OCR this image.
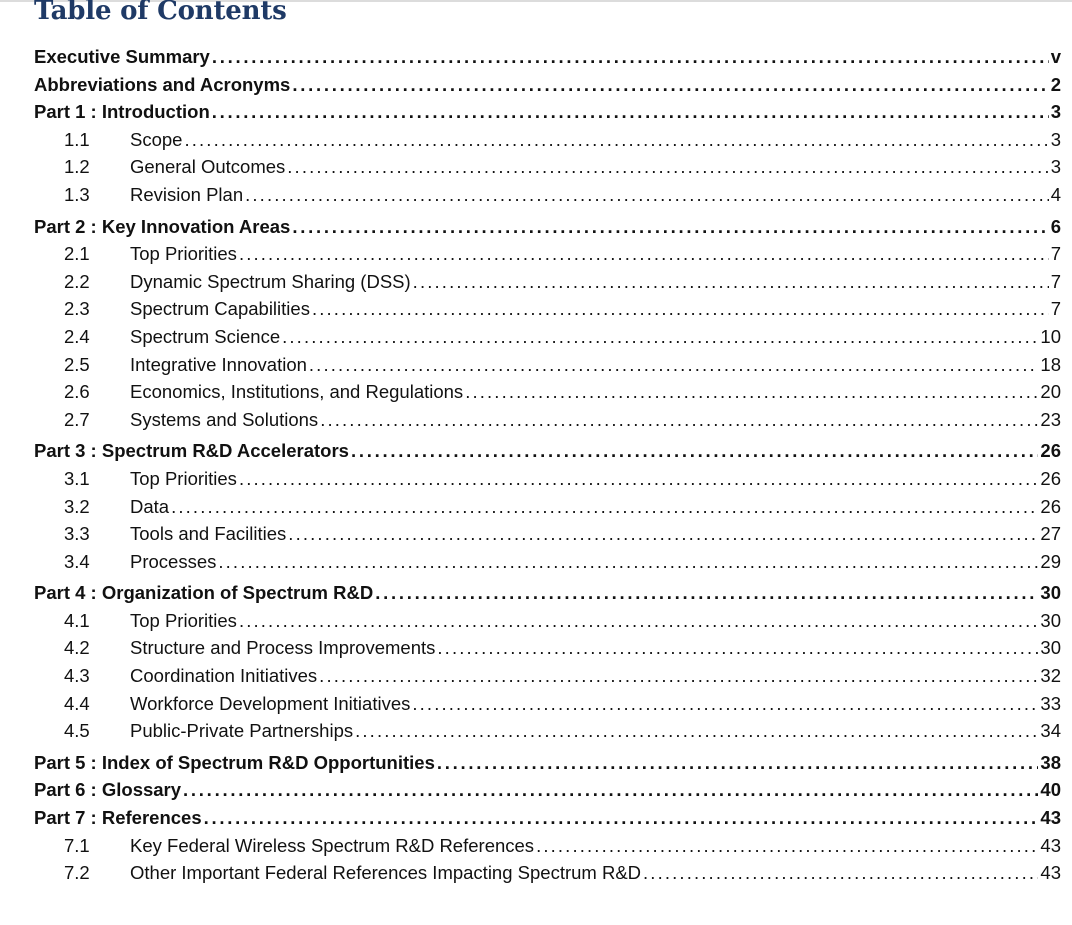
Table of Contents
Executive Summary . . .	v
Abbreviations and Acronyms . . .	2
Part 1 : Introduction . . .	3
1.1	Scope . . .	3
1.2	General Outcomes . . .	3
1.3	Revision Plan . . .	4
Part 2 : Key Innovation Areas . . .	6
2.1	Top Priorities . . .	7
2.2	Dynamic Spectrum Sharing (DSS) . . .	7
2.3	Spectrum Capabilities . . .	7
2.4	Spectrum Science . . .	10
2.5	Integrative Innovation . . .	18
2.6	Economics, Institutions, and Regulations . . .	20
2.7	Systems and Solutions . . .	23
Part 3 : Spectrum R&D Accelerators . . .	26
3.1	Top Priorities . . .	26
3.2	Data . . .	26
3.3	Tools and Facilities . . .	27
3.4	Processes . . .	29
Part 4 : Organization of Spectrum R&D . . .	30
4.1	Top Priorities . . .	30
4.2	Structure and Process Improvements . . .	30
4.3	Coordination Initiatives . . .	32
4.4	Workforce Development Initiatives . . .	33
4.5	Public-Private Partnerships . . .	34
Part 5 : Index of Spectrum R&D Opportunities . . .	38
Part 6 : Glossary . . .	40
Part 7 : References . . .	43
7.1	Key Federal Wireless Spectrum R&D References . . .	43
7.2	Other Important Federal References Impacting Spectrum R&D . . .	43
